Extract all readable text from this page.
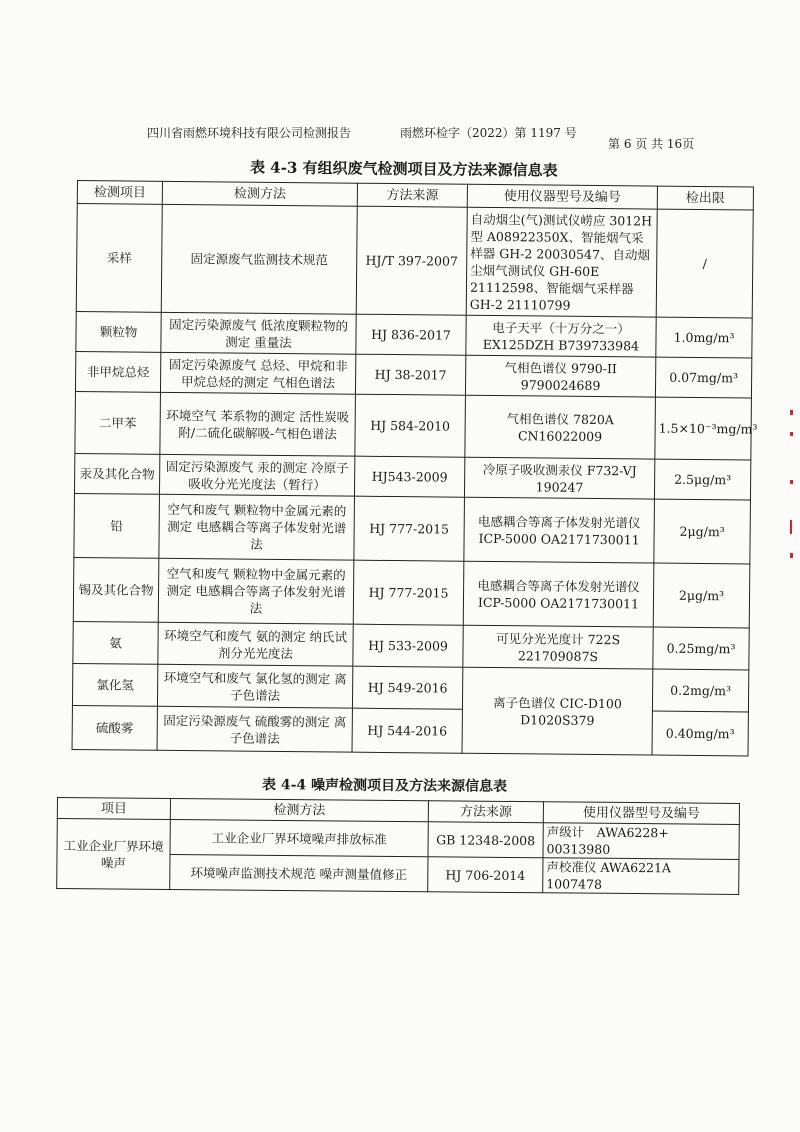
四川省雨燃环境科技有限公司检测报告	雨燃环检字（2022）第 1197 号
第 6 页 共 16页
表 4-3 有组织废气检测项目及方法来源信息表
检测项目	检测方法	方法来源	使用仪器型号及编号	检出限
采样	固定源废气监测技术规范	HJ/T 397-2007	自动烟尘(气)测试仪崂应 3012H型 A08922350X、智能烟气采样器 GH-2 20030547、自动烟尘烟气测试仪 GH-60E 21112598、智能烟气采样器 GH-2 21110799	/
颗粒物	固定污染源废气 低浓度颗粒物的测定 重量法	HJ 836-2017	电子天平（十万分之一）EX125DZH B739733984	1.0mg/m³
非甲烷总烃	固定污染源废气 总烃、甲烷和非甲烷总烃的测定 气相色谱法	HJ 38-2017	气相色谱仪 9790-II 9790024689	0.07mg/m³
二甲苯	环境空气 苯系物的测定 活性炭吸附/二硫化碳解吸-气相色谱法	HJ 584-2010	气相色谱仪 7820A CN16022009	1.5×10⁻³mg/m³
汞及其化合物	固定污染源废气 汞的测定 冷原子吸收分光光度法（暂行）	HJ543-2009	冷原子吸收测汞仪 F732-VJ 190247	2.5μg/m³
铅	空气和废气 颗粒物中金属元素的测定 电感耦合等离子体发射光谱法	HJ 777-2015	电感耦合等离子体发射光谱仪 ICP-5000 OA2171730011	2μg/m³
锡及其化合物	空气和废气 颗粒物中金属元素的测定 电感耦合等离子体发射光谱法	HJ 777-2015	电感耦合等离子体发射光谱仪 ICP-5000 OA2171730011	2μg/m³
氨	环境空气和废气 氨的测定 纳氏试剂分光光度法	HJ 533-2009	可见分光光度计 722S 221709087S	0.25mg/m³
氯化氢	环境空气和废气 氯化氢的测定 离子色谱法	HJ 549-2016	离子色谱仪 CIC-D100 D1020S379	0.2mg/m³
硫酸雾	固定污染源废气 硫酸雾的测定 离子色谱法	HJ 544-2016		0.40mg/m³
表 4-4 噪声检测项目及方法来源信息表
项目	检测方法	方法来源	使用仪器型号及编号
工业企业厂界环境噪声	工业企业厂界环境噪声排放标准	GB 12348-2008	声级计　AWA6228+　00313980
	环境噪声监测技术规范 噪声测量值修正	HJ 706-2014	声校准仪 AWA6221A　1007478
